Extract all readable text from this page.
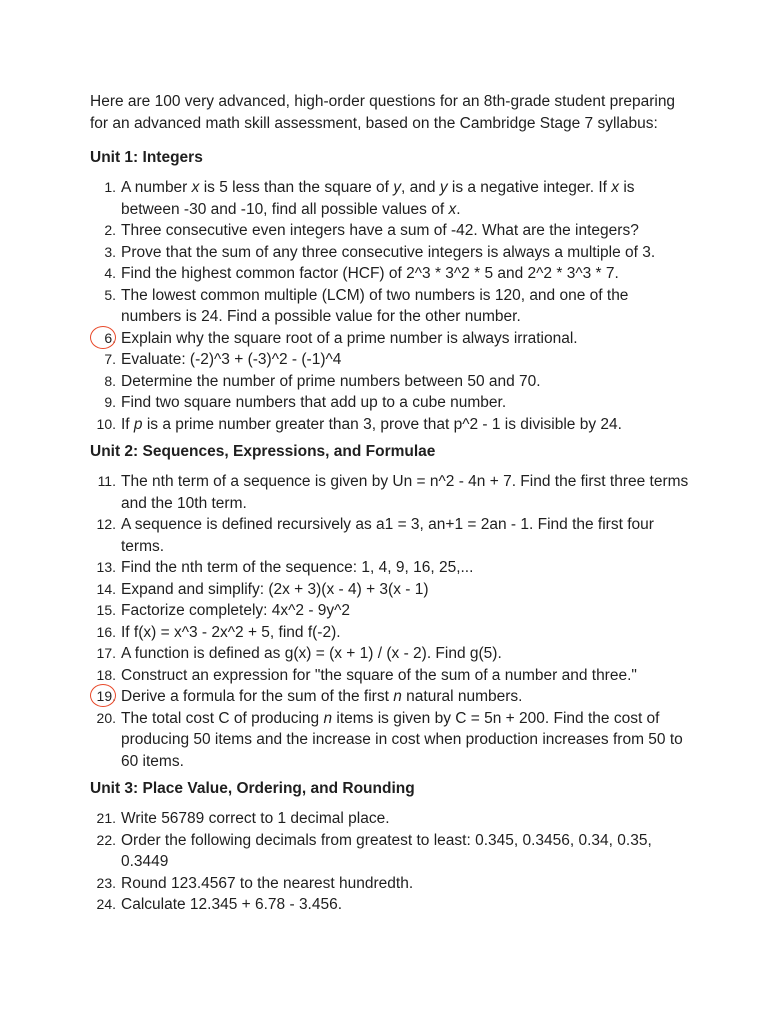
Here are 100 very advanced, high-order questions for an 8th-grade student preparing for an advanced math skill assessment, based on the Cambridge Stage 7 syllabus:

Unit 1: Integers
1. A number x is 5 less than the square of y, and y is a negative integer. If x is between -30 and -10, find all possible values of x.
2. Three consecutive even integers have a sum of -42. What are the integers?
3. Prove that the sum of any three consecutive integers is always a multiple of 3.
4. Find the highest common factor (HCF) of 2^3 * 3^2 * 5 and 2^2 * 3^3 * 7.
5. The lowest common multiple (LCM) of two numbers is 120, and one of the numbers is 24. Find a possible value for the other number.
6. Explain why the square root of a prime number is always irrational.
7. Evaluate: (-2)^3 + (-3)^2 - (-1)^4
8. Determine the number of prime numbers between 50 and 70.
9. Find two square numbers that add up to a cube number.
10. If p is a prime number greater than 3, prove that p^2 - 1 is divisible by 24.
Unit 2: Sequences, Expressions, and Formulae
11. The nth term of a sequence is given by Un = n^2 - 4n + 7. Find the first three terms and the 10th term.
12. A sequence is defined recursively as a1 = 3, an+1 = 2an - 1. Find the first four terms.
13. Find the nth term of the sequence: 1, 4, 9, 16, 25,...
14. Expand and simplify: (2x + 3)(x - 4) + 3(x - 1)
15. Factorize completely: 4x^2 - 9y^2
16. If f(x) = x^3 - 2x^2 + 5, find f(-2).
17. A function is defined as g(x) = (x + 1) / (x - 2). Find g(5).
18. Construct an expression for "the square of the sum of a number and three."
19. Derive a formula for the sum of the first n natural numbers.
20. The total cost C of producing n items is given by C = 5n + 200. Find the cost of producing 50 items and the increase in cost when production increases from 50 to 60 items.
Unit 3: Place Value, Ordering, and Rounding
21. Write 56789 correct to 1 decimal place.
22. Order the following decimals from greatest to least: 0.345, 0.3456, 0.34, 0.35, 0.3449
23. Round 123.4567 to the nearest hundredth.
24. Calculate 12.345 + 6.78 - 3.456.
